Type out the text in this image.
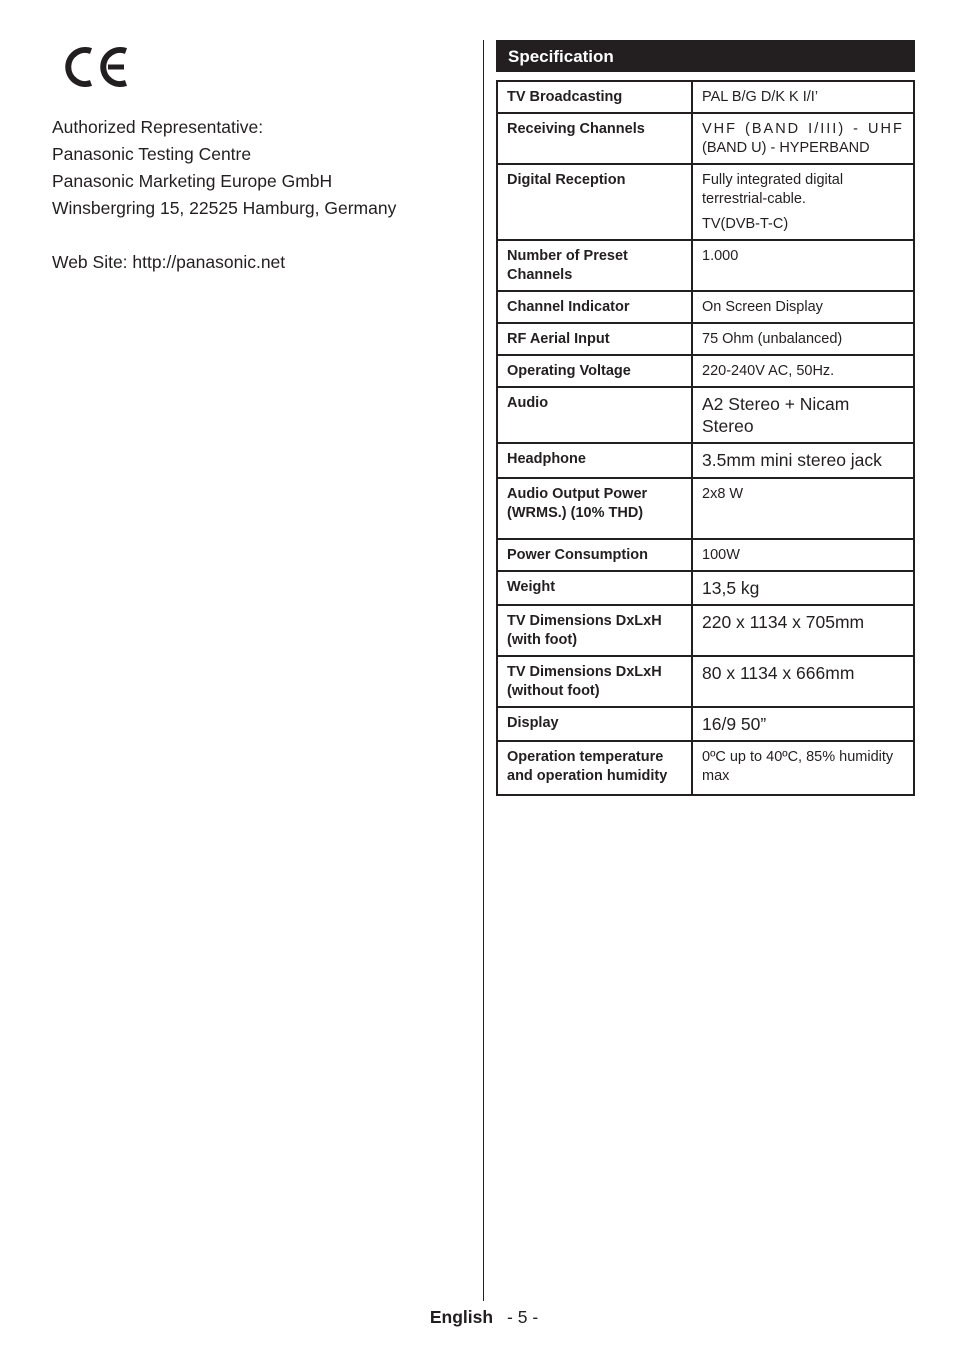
Authorized Representative:
Panasonic Testing Centre
Panasonic Marketing Europe GmbH
Winsbergring 15, 22525 Hamburg, Germany
Web Site: http://panasonic.net
Specification
TV Broadcasting	PAL B/G D/K K I/I’
Receiving Channels	VHF (BAND I/III) - UHF
(BAND U) - HYPERBAND

Digital Reception	Fully integrated digital terrestrial-cable.
TV(DVB-T-C)

Number of Preset Channels	1.000
Channel Indicator	On Screen Display
RF Aerial Input	75 Ohm (unbalanced)
Operating Voltage	220-240V AC, 50Hz.
Audio	A2 Stereo + Nicam Stereo
Headphone	3.5mm mini stereo jack
Audio Output Power (WRMS.) (10% THD)	2x8 W
Power Consumption	100W
Weight	13,5 kg
TV Dimensions DxLxH (with foot)	220 x 1134 x 705mm
TV Dimensions DxLxH (without foot)	80 x 1134 x 666mm
Display	16/9 50”
Operation temperature and operation humidity	0ºC up to 40ºC, 85% humidity max
English - 5 -
